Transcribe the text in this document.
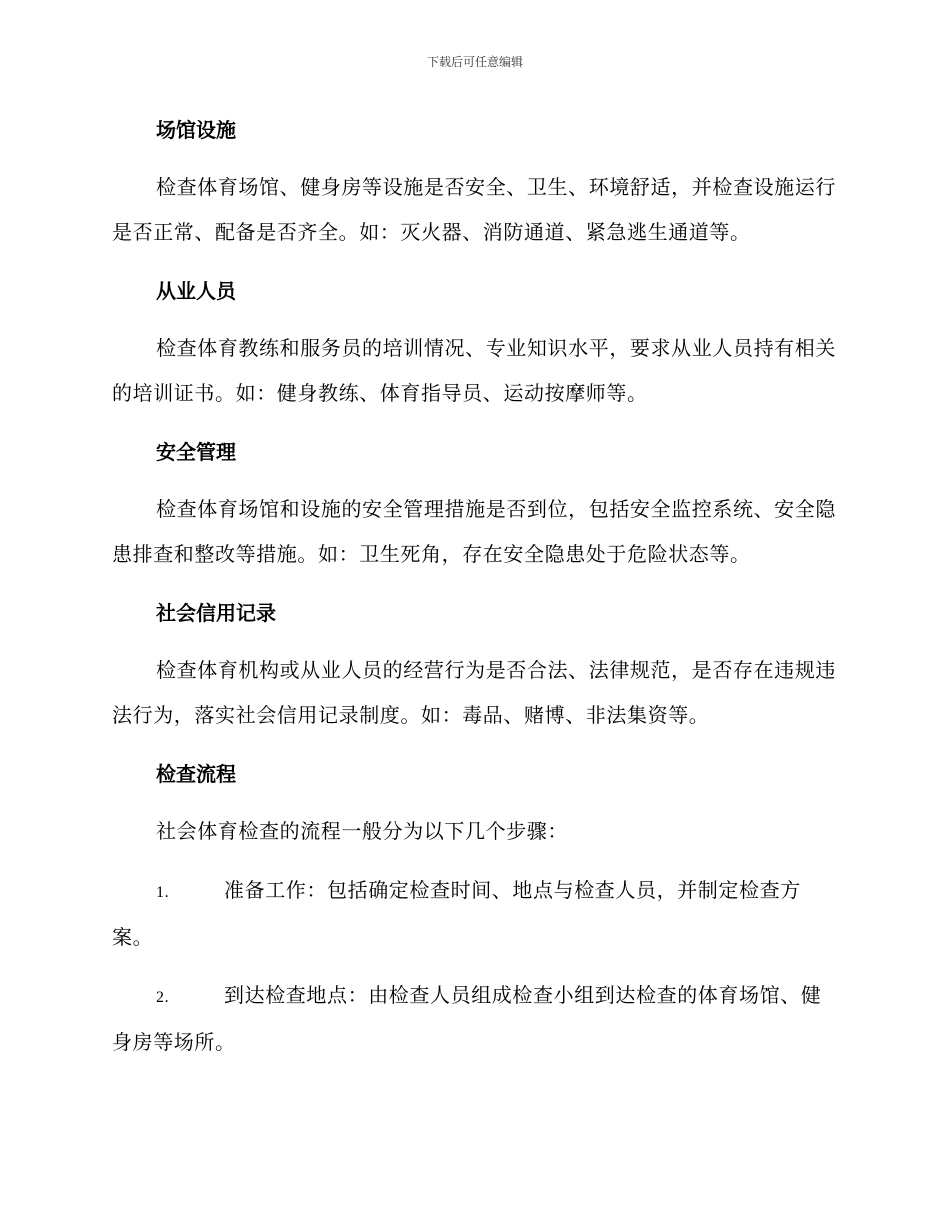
下载后可任意编辑

场馆设施

检查体育场馆、健身房等设施是否安全、卫生、环境舒适，并检查设施运行是否正常、配备是否齐全。如：灭火器、消防通道、紧急逃生通道等。

从业人员

检查体育教练和服务员的培训情况、专业知识水平，要求从业人员持有相关的培训证书。如：健身教练、体育指导员、运动按摩师等。

安全管理

检查体育场馆和设施的安全管理措施是否到位，包括安全监控系统、安全隐患排查和整改等措施。如：卫生死角，存在安全隐患处于危险状态等。

社会信用记录

检查体育机构或从业人员的经营行为是否合法、法律规范，是否存在违规违法行为，落实社会信用记录制度。如：毒品、赌博、非法集资等。

检查流程

社会体育检查的流程一般分为以下几个步骤：

1.	准备工作：包括确定检查时间、地点与检查人员，并制定检查方案。

2.	到达检查地点：由检查人员组成检查小组到达检查的体育场馆、健身房等场所。
